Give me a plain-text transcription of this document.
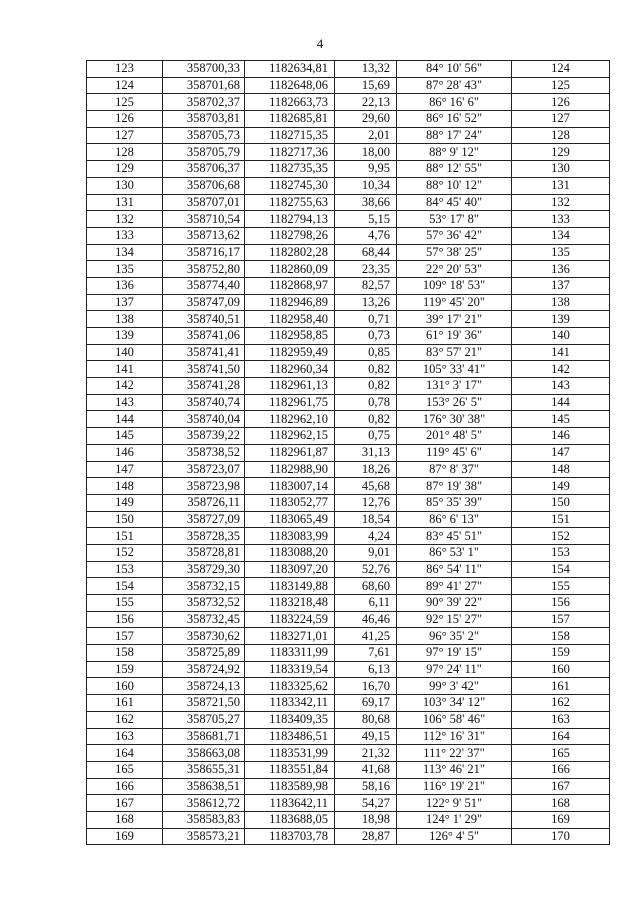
4
123	358700,33	1182634,81	13,32	84° 10' 56"	124
124	358701,68	1182648,06	15,69	87° 28' 43"	125
125	358702,37	1182663,73	22,13	86° 16' 6"	126
126	358703,81	1182685,81	29,60	86° 16' 52"	127
127	358705,73	1182715,35	2,01	88° 17' 24"	128
128	358705,79	1182717,36	18,00	88° 9' 12"	129
129	358706,37	1182735,35	9,95	88° 12' 55"	130
130	358706,68	1182745,30	10,34	88° 10' 12"	131
131	358707,01	1182755,63	38,66	84° 45' 40"	132
132	358710,54	1182794,13	5,15	53° 17' 8"	133
133	358713,62	1182798,26	4,76	57° 36' 42"	134
134	358716,17	1182802,28	68,44	57° 38' 25"	135
135	358752,80	1182860,09	23,35	22° 20' 53"	136
136	358774,40	1182868,97	82,57	109° 18' 53"	137
137	358747,09	1182946,89	13,26	119° 45' 20"	138
138	358740,51	1182958,40	0,71	39° 17' 21"	139
139	358741,06	1182958,85	0,73	61° 19' 36"	140
140	358741,41	1182959,49	0,85	83° 57' 21"	141
141	358741,50	1182960,34	0,82	105° 33' 41"	142
142	358741,28	1182961,13	0,82	131° 3' 17"	143
143	358740,74	1182961,75	0,78	153° 26' 5"	144
144	358740,04	1182962,10	0,82	176° 30' 38"	145
145	358739,22	1182962,15	0,75	201° 48' 5"	146
146	358738,52	1182961,87	31,13	119° 45' 6"	147
147	358723,07	1182988,90	18,26	87° 8' 37"	148
148	358723,98	1183007,14	45,68	87° 19' 38"	149
149	358726,11	1183052,77	12,76	85° 35' 39"	150
150	358727,09	1183065,49	18,54	86° 6' 13"	151
151	358728,35	1183083,99	4,24	83° 45' 51"	152
152	358728,81	1183088,20	9,01	86° 53' 1"	153
153	358729,30	1183097,20	52,76	86° 54' 11"	154
154	358732,15	1183149,88	68,60	89° 41' 27"	155
155	358732,52	1183218,48	6,11	90° 39' 22"	156
156	358732,45	1183224,59	46,46	92° 15' 27"	157
157	358730,62	1183271,01	41,25	96° 35' 2"	158
158	358725,89	1183311,99	7,61	97° 19' 15"	159
159	358724,92	1183319,54	6,13	97° 24' 11"	160
160	358724,13	1183325,62	16,70	99° 3' 42"	161
161	358721,50	1183342,11	69,17	103° 34' 12"	162
162	358705,27	1183409,35	80,68	106° 58' 46"	163
163	358681,71	1183486,51	49,15	112° 16' 31"	164
164	358663,08	1183531,99	21,32	111° 22' 37"	165
165	358655,31	1183551,84	41,68	113° 46' 21"	166
166	358638,51	1183589,98	58,16	116° 19' 21"	167
167	358612,72	1183642,11	54,27	122° 9' 51"	168
168	358583,83	1183688,05	18,98	124° 1' 29"	169
169	358573,21	1183703,78	28,87	126° 4' 5"	170
